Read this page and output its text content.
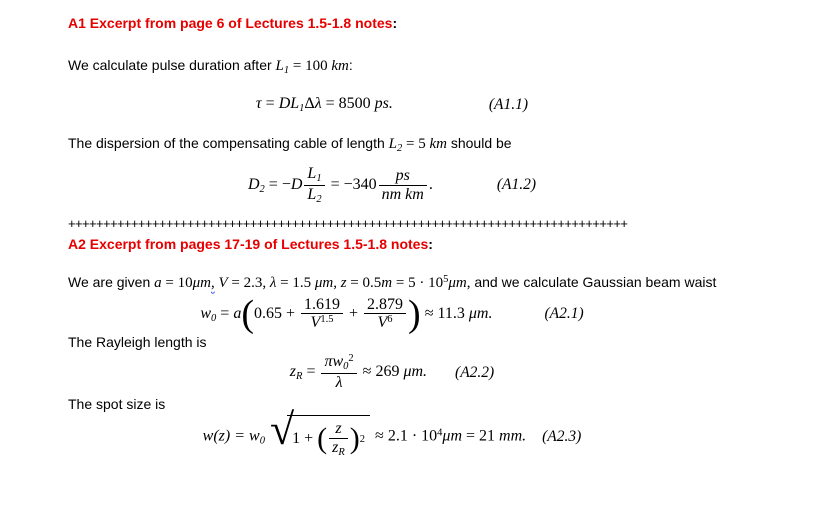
A1 Excerpt from page 6 of Lectures 1.5-1.8 notes:

We calculate pulse duration after $L_1 = 100$ km:

τ = DL1Δλ = 8500 ps.	(A1.1)

The dispersion of the compensating cable of length $L_2 = 5$ km should be

$D2 = -D \frac{L1}{L2} = -340 \frac{ps}{\text{nm km}}$ .	(A1.2)

++++++++++++++++++++++++++++++++++++++++++++++++++++++++++++++++++++++++++++++++

A2 Excerpt from pages 17-19 of Lectures 1.5-1.8 notes:

We are given a = 10μm, V = 2.3, λ = 1.5 μm, $z = 0.5m = 5 \cdot 10^5\mu m$, and we calculate Gaussian beam waist

$w0 = a(0.65 + \frac{1.619}{V^{1.5}} + \frac{2.879}{V^6}$ ) ≈ 11.3 μm.	(A2.1)

The Rayleigh length is

zR = $\frac{\pi w0^2}{\lambda} \approx 269$ μm. (A2.2)

The spot size is

w(z) = w0 √
1 + ( $\frac{z}{zR}$ ) $2 \approx 2.1 \cdot 10^4\mu m = 21$ mm. (A2.3)
